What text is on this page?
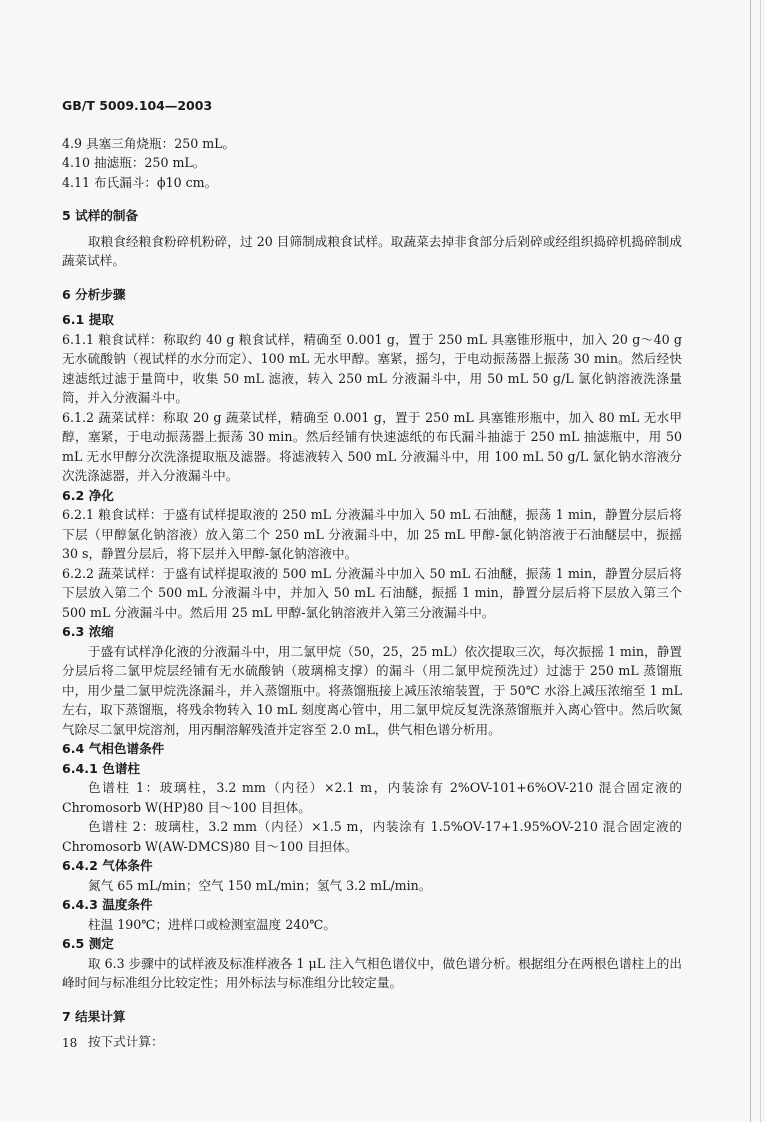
GB/T 5009.104—2003
4.9 具塞三角烧瓶：250 mL。
4.10 抽滤瓶：250 mL。
4.11 布氏漏斗：ϕ10 cm。
5 试样的制备
取粮食经粮食粉碎机粉碎，过 20 目筛制成粮食试样。取蔬菜去掉非食部分后剁碎或经组织捣碎机捣碎制成蔬菜试样。
6 分析步骤
6.1 提取
6.1.1 粮食试样：称取约 40 g 粮食试样，精确至 0.001 g，置于 250 mL 具塞锥形瓶中，加入 20 g～40 g 无水硫酸钠（视试样的水分而定）、100 mL 无水甲醇。塞紧，摇匀，于电动振荡器上振荡 30 min。然后经快速滤纸过滤于量筒中，收集 50 mL 滤液，转入 250 mL 分液漏斗中，用 50 mL 50 g/L 氯化钠溶液洗涤量筒，并入分液漏斗中。
6.1.2 蔬菜试样：称取 20 g 蔬菜试样，精确至 0.001 g，置于 250 mL 具塞锥形瓶中，加入 80 mL 无水甲醇，塞紧，于电动振荡器上振荡 30 min。然后经铺有快速滤纸的布氏漏斗抽滤于 250 mL 抽滤瓶中，用 50 mL 无水甲醇分次洗涤提取瓶及滤器。将滤液转入 500 mL 分液漏斗中，用 100 mL 50 g/L 氯化钠水溶液分次洗涤滤器，并入分液漏斗中。
6.2 净化
6.2.1 粮食试样：于盛有试样提取液的 250 mL 分液漏斗中加入 50 mL 石油醚，振荡 1 min，静置分层后将下层（甲醇氯化钠溶液）放入第二个 250 mL 分液漏斗中，加 25 mL 甲醇-氯化钠溶液于石油醚层中，振摇 30 s，静置分层后，将下层并入甲醇-氯化钠溶液中。
6.2.2 蔬菜试样：于盛有试样提取液的 500 mL 分液漏斗中加入 50 mL 石油醚，振荡 1 min，静置分层后将下层放入第二个 500 mL 分液漏斗中，并加入 50 mL 石油醚，振摇 1 min，静置分层后将下层放入第三个 500 mL 分液漏斗中。然后用 25 mL 甲醇-氯化钠溶液并入第三分液漏斗中。
6.3 浓缩
于盛有试样净化液的分液漏斗中，用二氯甲烷（50，25，25 mL）依次提取三次，每次振摇 1 min，静置分层后将二氯甲烷层经铺有无水硫酸钠（玻璃棉支撑）的漏斗（用二氯甲烷预洗过）过滤于 250 mL 蒸馏瓶中，用少量二氯甲烷洗涤漏斗，并入蒸馏瓶中。将蒸馏瓶接上减压浓缩装置，于 50℃ 水浴上减压浓缩至 1 mL 左右，取下蒸馏瓶，将残余物转入 10 mL 刻度离心管中，用二氯甲烷反复洗涤蒸馏瓶并入离心管中。然后吹氮气除尽二氯甲烷溶剂，用丙酮溶解残渣并定容至 2.0 mL，供气相色谱分析用。
6.4 气相色谱条件
6.4.1 色谱柱
色谱柱 1：玻璃柱，3.2 mm（内径）×2.1 m，内装涂有 2%OV-101+6%OV-210 混合固定液的 Chromosorb W(HP)80 目～100 目担体。
色谱柱 2：玻璃柱，3.2 mm（内径）×1.5 m，内装涂有 1.5%OV-17+1.95%OV-210 混合固定液的 Chromosorb W(AW-DMCS)80 目～100 目担体。
6.4.2 气体条件
氮气 65 mL/min；空气 150 mL/min；氢气 3.2 mL/min。
6.4.3 温度条件
柱温 190℃；进样口或检测室温度 240℃。
6.5 测定
取 6.3 步骤中的试样液及标准样液各 1 μL 注入气相色谱仪中，做色谱分析。根据组分在两根色谱柱上的出峰时间与标准组分比较定性；用外标法与标准组分比较定量。
7 结果计算
按下式计算：
18
